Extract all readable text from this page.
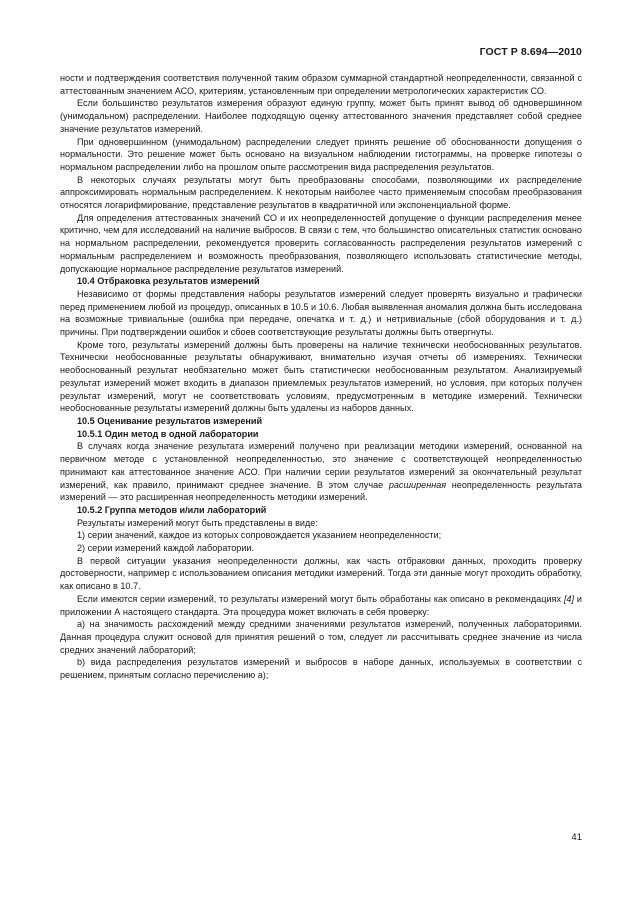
ГОСТ Р 8.694—2010

ности и подтверждения соответствия полученной таким образом суммарной стандартной неопределенности, связанной с аттестованным значением АСО, критериям, установленным при определении метрологических характеристик СО.

Если большинство результатов измерения образуют единую группу, может быть принят вывод об одновершинном (унимодальном) распределении. Наиболее подходящую оценку аттестованного значения представляет собой среднее значение результатов измерений.

При одновершинном (унимодальном) распределении следует принять решение об обоснованности допущения о нормальности. Это решение может быть основано на визуальном наблюдении гистограммы, на проверке гипотезы о нормальном распределении либо на прошлом опыте рассмотрения вида распределения результатов.

В некоторых случаях результаты могут быть преобразованы способами, позволяющими их распределение аппроксимировать нормальным распределением. К некоторым наиболее часто применяемым способам преобразования относятся логарифмирование, представление результатов в квадратичной или экспоненциальной форме.

Для определения аттестованных значений СО и их неопределенностей допущение о функции распределения менее критично, чем для исследований на наличие выбросов. В связи с тем, что большинство описательных статистик основано на нормальном распределении, рекомендуется проверить согласованность распределения результатов измерений с нормальным распределением и возможность преобразования, позволяющего использовать статистические методы, допускающие нормальное распределение результатов измерений.

10.4 Отбраковка результатов измерений

Независимо от формы представления наборы результатов измерений следует проверять визуально и графически перед применением любой из процедур, описанных в 10.5 и 10.6. Любая выявленная аномалия должна быть исследована на возможные тривиальные (ошибка при передаче, опечатка и т. д.) и нетривиальные (сбой оборудования и т. д.) причины. При подтверждении ошибок и сбоев соответствующие результаты должны быть отвергнуты.

Кроме того, результаты измерений должны быть проверены на наличие технически необоснованных результатов. Технически необоснованные результаты обнаруживают, внимательно изучая отчеты об измерениях. Технически необоснованный результат необязательно может быть статистически необоснованным результатом. Анализируемый результат измерений может входить в диапазон приемлемых результатов измерений, но условия, при которых получен результат измерений, могут не соответствовать условиям, предусмотренным в методике измерений. Технически необоснованные результаты измерений должны быть удалены из наборов данных.

10.5 Оценивание результатов измерений

10.5.1 Один метод в одной лаборатории

В случаях когда значение результата измерений получено при реализации методики измерений, основанной на первичном методе с установленной неопределенностью, это значение с соответствующей неопределенностью принимают как аттестованное значение АСО. При наличии серии результатов измерений за окончательный результат измерений, как правило, принимают среднее значение. В этом случае расширенная неопределенность результата измерений — это расширенная неопределенность методики измерений.

10.5.2 Группа методов и/или лабораторий

Результаты измерений могут быть представлены в виде:

1) серии значений, каждое из которых сопровождается указанием неопределенности;

2) серии измерений каждой лаборатории.

В первой ситуации указания неопределенности должны, как часть отбраковки данных, проходить проверку достоверности, например с использованием описания методики измерений. Тогда эти данные могут проходить обработку, как описано в 10.7.

Если имеются серии измерений, то результаты измерений могут быть обработаны как описано в рекомендациях [4] и приложении А настоящего стандарта. Эта процедура может включать в себя проверку:

а) на значимость расхождений между средними значениями результатов измерений, полученных лабораториями. Данная процедура служит основой для принятия решений о том, следует ли рассчитывать среднее значение из числа средних значений лабораторий;

b) вида распределения результатов измерений и выбросов в наборе данных, используемых в соответствии с решением, принятым согласно перечислению а);

41
